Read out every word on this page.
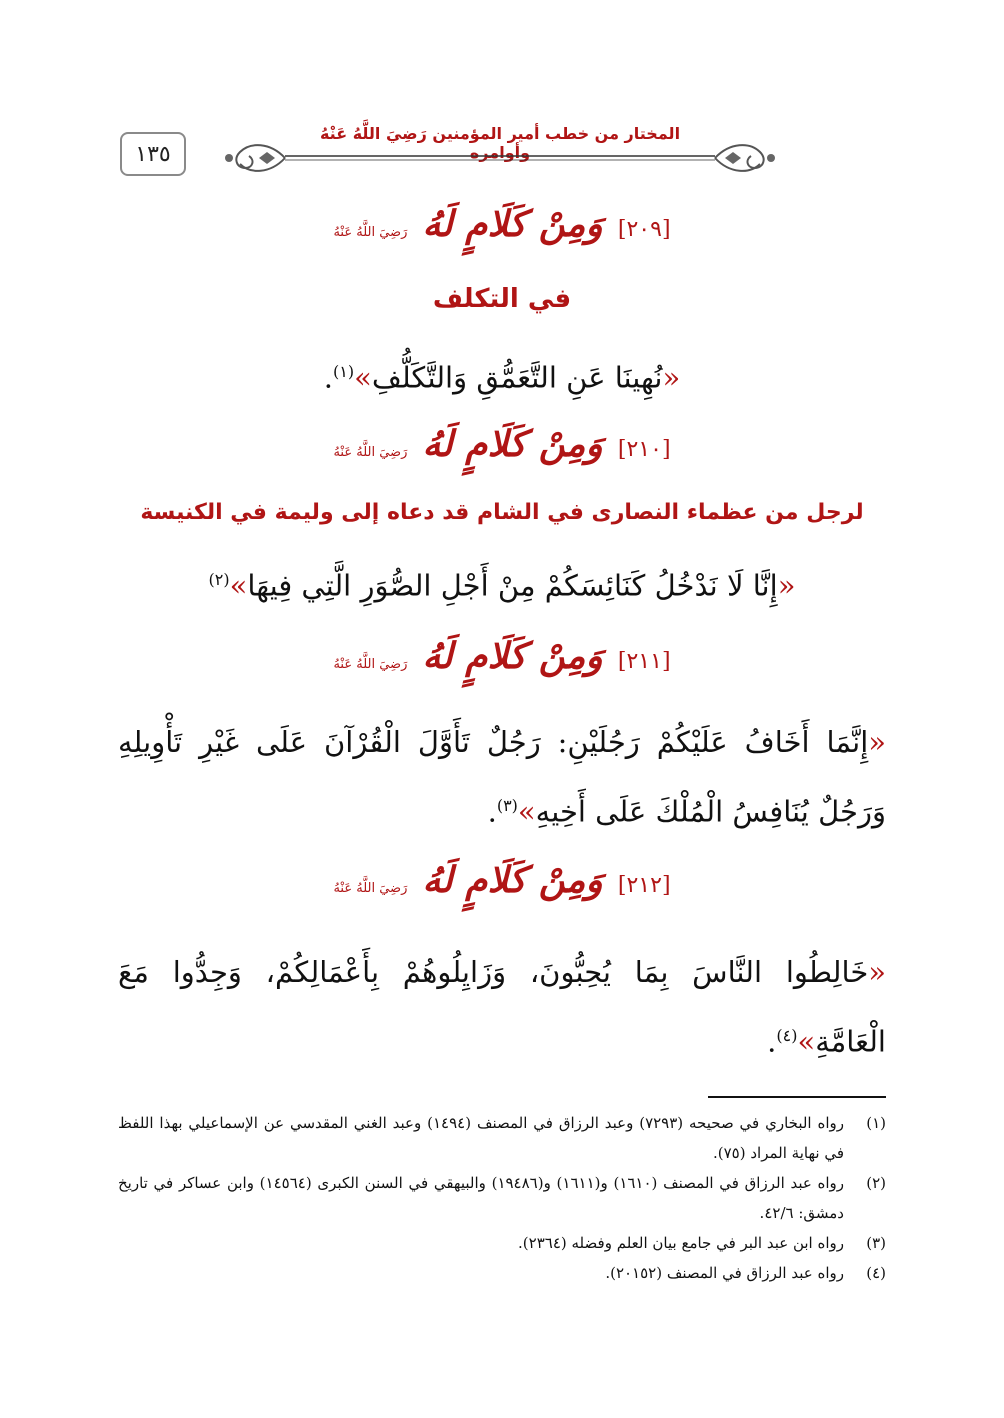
١٣٥
المختار من خطب أمير المؤمنين رَضِيَ اللَّهُ عَنْهُ وأوامره
[٢٠٩] وَمِنْ كَلَامٍ لَهُ رَضِيَ اللَّهُ عَنْهُ
في التكلف
«نُهِينَا عَنِ التَّعَمُّقِ وَالتَّكَلُّفِ»$^{(١)}$.
[٢١٠] وَمِنْ كَلَامٍ لَهُ رَضِيَ اللَّهُ عَنْهُ
لرجل من عظماء النصارى في الشام قد دعاه إلى وليمة في الكنيسة
«إِنَّا لَا نَدْخُلُ كَنَائِسَكُمْ مِنْ أَجْلِ الصُّوَرِ الَّتِي فِيهَا»$^{(٢)}$
[٢١١] وَمِنْ كَلَامٍ لَهُ رَضِيَ اللَّهُ عَنْهُ
«إِنَّمَا أَخَافُ عَلَيْكُمْ رَجُلَيْنِ: رَجُلٌ تَأَوَّلَ الْقُرْآنَ عَلَى غَيْرِ تَأْوِيلِهِ وَرَجُلٌ يُنَافِسُ الْمُلْكَ عَلَى أَخِيهِ»$^{(٣)}$.
[٢١٢] وَمِنْ كَلَامٍ لَهُ رَضِيَ اللَّهُ عَنْهُ
«خَالِطُوا النَّاسَ بِمَا يُحِبُّونَ، وَزَايِلُوهُمْ بِأَعْمَالِكُمْ، وَجِدُّوا مَعَ الْعَامَّةِ»$^{(٤)}$.
(١)
رواه البخاري في صحيحه (٧٢٩٣) وعبد الرزاق في المصنف (١٤٩٤) وعبد الغني المقدسي عن الإسماعيلي بهذا اللفظ في نهاية المراد (٧٥).
(٢)
رواه عبد الرزاق في المصنف (١٦١٠) و(١٦١١) و(١٩٤٨٦) والبيهقي في السنن الكبرى (١٤٥٦٤) وابن عساكر في تاريخ دمشق: ٤٢/٦.
(٣)
رواه ابن عبد البر في جامع بيان العلم وفضله (٢٣٦٤).
(٤)
رواه عبد الرزاق في المصنف (٢٠١٥٢).
